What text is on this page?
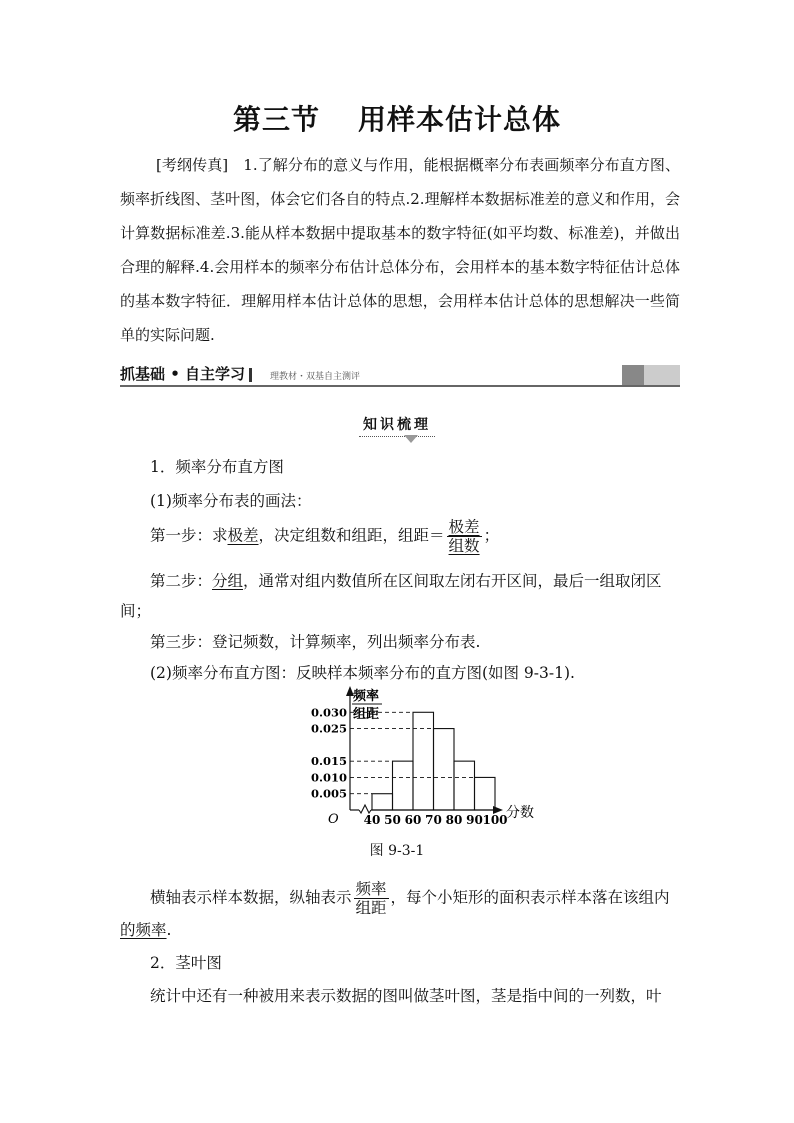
第三节 用样本估计总体

[考纲传真]　 1.了解分布的意义与作用，能根据概率分布表画频率分布直方图、频率折线图、茎叶图，体会它们各自的特点.2.理解样本数据标准差的意义和作用，会计算数据标准差.3.能从样本数据中提取基本的数字特征(如平均数、标准差)，并做出合理的解释.4.会用样本的频率分布估计总体分布，会用样本的基本数字特征估计总体的基本数字特征．理解用样本估计总体的思想，会用样本估计总体的思想解决一些简单的实际问题.

抓基础 • 自主学习	理教材・双基自主测评
知识梳理
1．频率分布直方图
(1)频率分布表的画法：
第一步：求极差，决定组数和组距，组距＝ $\frac{\text{极差}}{\text{组数}}$ ；
第二步：分组，通常对组内数值所在区间取左闭右开区间，最后一组取闭区
间；
第三步：登记频数，计算频率，列出频率分布表.
(2)频率分布直方图：反映样本频率分布的直方图(如图 9-3-1).
0.005
0.010
0.015
0.025
0.030
40 50 60 70 80 90 100
O	分数
频率
组距
图 9-3-1
横轴表示样本数据，纵轴表示 $\frac{\text{频率}}{\text{组距}}$ ，每个小矩形的面积表示样本落在该组内
的频率.
2．茎叶图
统计中还有一种被用来表示数据的图叫做茎叶图，茎是指中间的一列数，叶
